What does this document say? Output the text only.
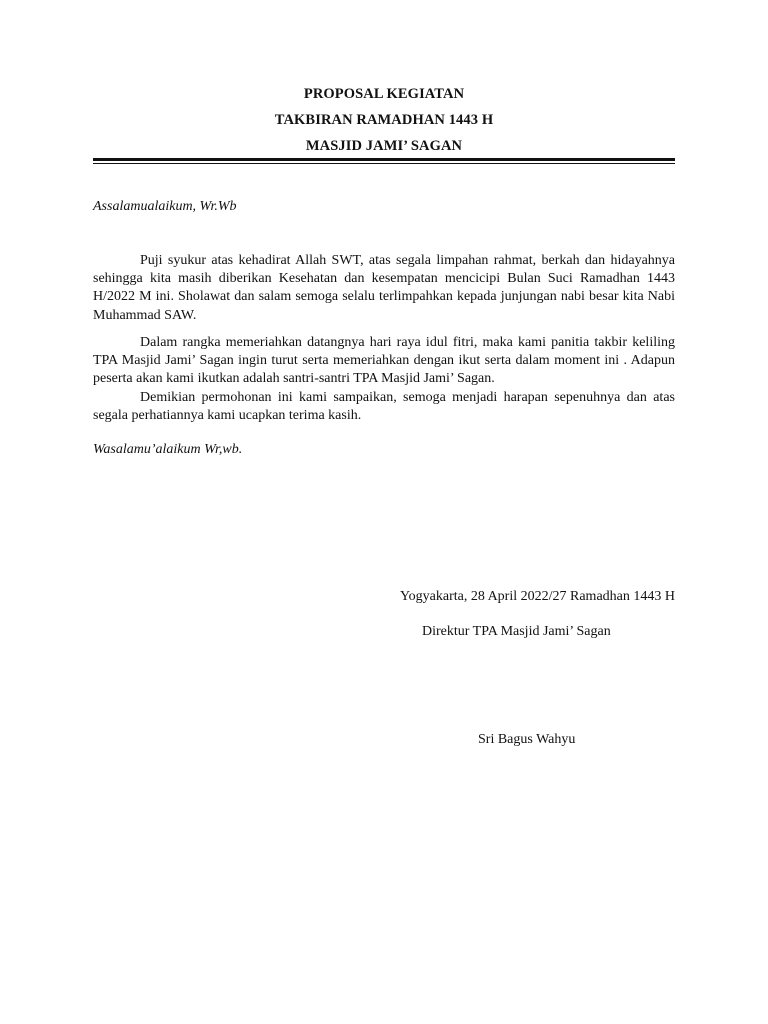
PROPOSAL KEGIATAN
TAKBIRAN RAMADHAN 1443 H
MASJID JAMI’ SAGAN
Assalamualaikum, Wr.Wb

Puji syukur atas kehadirat Allah SWT, atas segala limpahan rahmat, berkah dan hidayahnya sehingga kita masih diberikan Kesehatan dan kesempatan mencicipi Bulan Suci Ramadhan 1443 H/2022 M ini. Sholawat dan salam semoga selalu terlimpahkan kepada junjungan nabi besar kita Nabi Muhammad SAW.

Dalam rangka memeriahkan datangnya hari raya idul fitri, maka kami panitia takbir keliling TPA Masjid Jami’ Sagan ingin turut serta memeriahkan dengan ikut serta dalam moment ini . Adapun peserta akan kami ikutkan adalah santri-santri TPA Masjid Jami’ Sagan.

Demikian permohonan ini kami sampaikan, semoga menjadi harapan sepenuhnya dan atas segala perhatiannya kami ucapkan terima kasih.

Wasalamu’alaikum Wr,wb.
Yogyakarta, 28 April 2022/27 Ramadhan 1443 H
Direktur TPA Masjid Jami’ Sagan
Sri Bagus Wahyu
